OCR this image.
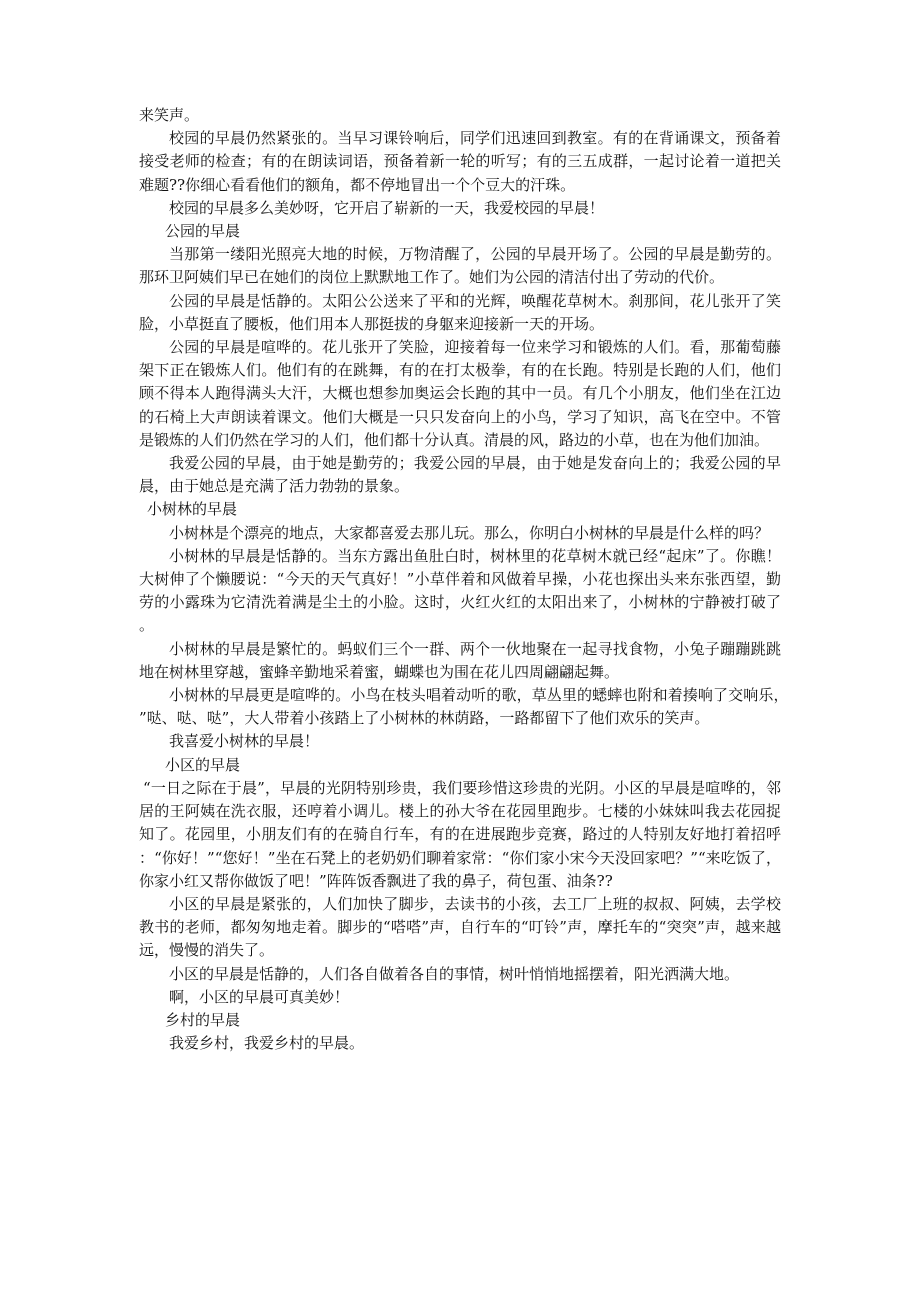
来笑声。

校园的早晨仍然紧张的。当早习课铃响后，同学们迅速回到教室。有的在背诵课文，预备着接受老师的检查；有的在朗读词语，预备着新一轮的听写；有的三五成群，一起讨论着一道把关难题??你细心看看他们的额角，都不停地冒出一个个豆大的汗珠。

校园的早晨多么美妙呀，它开启了崭新的一天，我爱校园的早晨！

公园的早晨

当那第一缕阳光照亮大地的时候，万物清醒了，公园的早晨开场了。公园的早晨是勤劳的。那环卫阿姨们早已在她们的岗位上默默地工作了。她们为公园的清洁付出了劳动的代价。

公园的早晨是恬静的。太阳公公送来了平和的光辉，唤醒花草树木。刹那间，花儿张开了笑脸，小草挺直了腰板，他们用本人那挺拔的身躯来迎接新一天的开场。

公园的早晨是喧哗的。花儿张开了笑脸，迎接着每一位来学习和锻炼的人们。看，那葡萄藤架下正在锻炼人们。他们有的在跳舞，有的在打太极拳，有的在长跑。特别是长跑的人们，他们顾不得本人跑得满头大汗，大概也想参加奥运会长跑的其中一员。有几个小朋友，他们坐在江边的石椅上大声朗读着课文。他们大概是一只只发奋向上的小鸟，学习了知识，高飞在空中。不管是锻炼的人们仍然在学习的人们，他们都十分认真。清晨的风，路边的小草，也在为他们加油。

我爱公园的早晨，由于她是勤劳的；我爱公园的早晨，由于她是发奋向上的；我爱公园的早晨，由于她总是充满了活力勃勃的景象。

小树林的早晨

小树林是个漂亮的地点，大家都喜爱去那儿玩。那么，你明白小树林的早晨是什么样的吗？

小树林的早晨是恬静的。当东方露出鱼肚白时，树林里的花草树木就已经“起床”了。你瞧！大树伸了个懒腰说：“今天的天气真好！”小草伴着和风做着早操，小花也探出头来东张西望，勤劳的小露珠为它清洗着满是尘土的小脸。这时，火红火红的太阳出来了，小树林的宁静被打破了。

小树林的早晨是繁忙的。蚂蚁们三个一群、两个一伙地聚在一起寻找食物，小兔子蹦蹦跳跳地在树林里穿越，蜜蜂辛勤地采着蜜，蝴蝶也为围在花儿四周翩翩起舞。

小树林的早晨更是喧哗的。小鸟在枝头唱着动听的歌，草丛里的蟋蟀也附和着揍响了交响乐，”哒、哒、哒”，大人带着小孩踏上了小树林的林荫路，一路都留下了他们欢乐的笑声。

我喜爱小树林的早晨！

小区的早晨

“一日之际在于晨”，早晨的光阴特别珍贵，我们要珍惜这珍贵的光阴。小区的早晨是喧哗的，邻居的王阿姨在洗衣服，还哼着小调儿。楼上的孙大爷在花园里跑步。七楼的小妹妹叫我去花园捉知了。花园里，小朋友们有的在骑自行车，有的在进展跑步竞赛，路过的人特别友好地打着招呼：“你好！”“您好！”坐在石凳上的老奶奶们聊着家常：“你们家小宋今天没回家吧？”“来吃饭了，你家小红又帮你做饭了吧！”阵阵饭香飘进了我的鼻子，荷包蛋、油条??

小区的早晨是紧张的，人们加快了脚步，去读书的小孩，去工厂上班的叔叔、阿姨，去学校教书的老师，都匆匆地走着。脚步的“嗒嗒”声，自行车的“叮铃”声，摩托车的“突突”声，越来越远，慢慢的消失了。

小区的早晨是恬静的，人们各自做着各自的事情，树叶悄悄地摇摆着，阳光洒满大地。

啊，小区的早晨可真美妙！

乡村的早晨

我爱乡村，我爱乡村的早晨。
